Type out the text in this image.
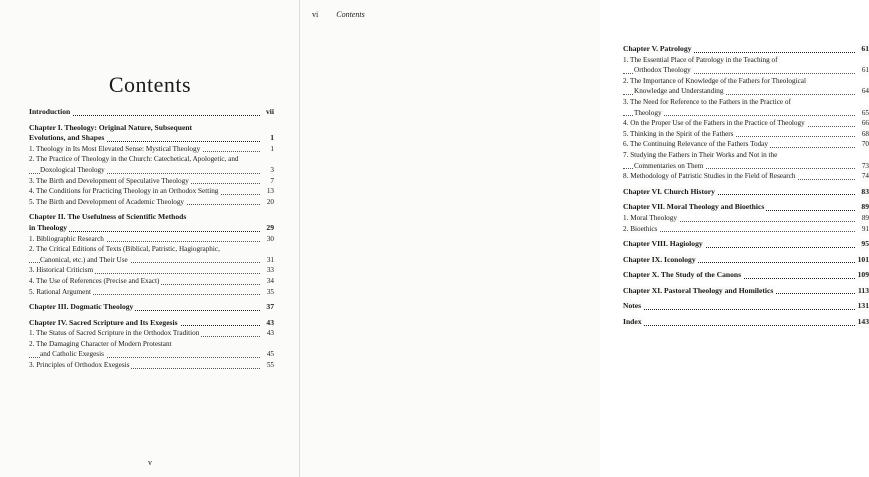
Contents
Introduction	vii
Chapter I. Theology: Original Nature, Subsequent
Evolutions, and Shapes	1
1. Theology in Its Most Elevated Sense: Mystical Theology	1
2. The Practice of Theology in the Church: Catechetical, Apologetic, and
Doxological Theology	3
3. The Birth and Development of Speculative Theology	7
4. The Conditions for Practicing Theology in an Orthodox Setting	13
5. The Birth and Development of Academic Theology	20
Chapter II. The Usefulness of Scientific Methods
in Theology	29
1. Bibliographic Research	30
2. The Critical Editions of Texts (Biblical, Patristic, Hagiographic,
Canonical, etc.) and Their Use	31
3. Historical Criticism	33
4. The Use of References (Precise and Exact)	34
5. Rational Argument	35
Chapter III. Dogmatic Theology	37
Chapter IV. Sacred Scripture and Its Exegesis	43
1. The Status of Sacred Scripture in the Orthodox Tradition	43
2. The Damaging Character of Modern Protestant
and Catholic Exegesis	45
3. Principles of Orthodox Exegesis	55
v
Chapter V. Patrology	61
1. The Essential Place of Patrology in the Teaching of
Orthodox Theology	61
2. The Importance of Knowledge of the Fathers for Theological
Knowledge and Understanding	64
3. The Need for Reference to the Fathers in the Practice of
Theology	65
4. On the Proper Use of the Fathers in the Practice of Theology	66
5. Thinking in the Spirit of the Fathers	68
6. The Continuing Relevance of the Fathers Today	70
7. Studying the Fathers in Their Works and Not in the
Commentaries on Them	73
8. Methodology of Patristic Studies in the Field of Research	74
Chapter VI. Church History	83
Chapter VII. Moral Theology and Bioethics	89
1. Moral Theology	89
2. Bioethics	91
Chapter VIII. Hagiology	95
Chapter IX. Iconology	101
Chapter X. The Study of the Canons	109
Chapter XI. Pastoral Theology and Homiletics	113
Notes	131
Index	143
vi Contents
